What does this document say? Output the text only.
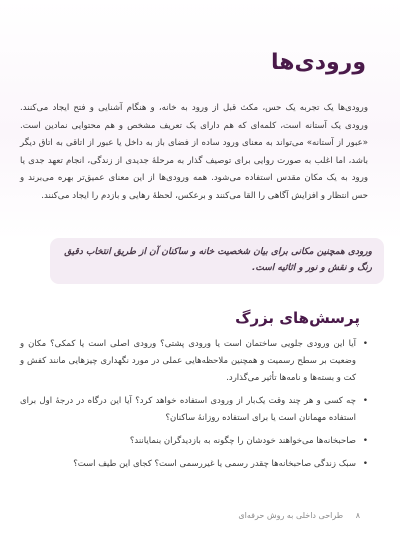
ورودی‌ها

ورودی‌ها یک تجربه یک حس، مکث قبل از ورود به خانه، و هنگام آشنایی و فتح ایجاد می‌کنند. ورودی یک آستانه است، کلمه‌ای که هم دارای یک تعریف مشخص و هم محتوایی نمادین است. «عبور از آستانه» می‌تواند به معنای ورود ساده از فضای باز به داخل یا عبور از اتاقی به اتاق دیگر باشد، اما اغلب به صورت روایی برای توصیف گذار به مرحلهٔ جدیدی از زندگی، انجام تعهد جدی یا ورود به یک مکان مقدس استفاده می‌شود. همه ورودی‌ها از این معنای عمیق‌تر بهره می‌برند و حس انتظار و افزایش آگاهی را القا می‌کنند و برعکس، لحظهٔ رهایی و بازدم را ایجاد می‌کنند.

ورودی همچنین مکانی برای بیان شخصیت خانه و ساکنان آن از طریق انتخاب دقیق رنگ و نقش و نور و اثاثیه است.
پرسش‌های بزرگ
•
آیا این ورودی جلویی ساختمان است یا ورودی پشتی؟ ورودی اصلی است یا کمکی؟ مکان و وضعیت بر سطح رسمیت و همچنین ملاحظه‌هایی عملی در مورد نگهداری چیزهایی مانند کفش و کت و بسته‌ها و نامه‌ها تأثیر می‌گذارد.
•
چه کسی و هر چند وقت یک‌بار از ورودی استفاده خواهد کرد؟ آیا این درگاه در درجهٔ اول برای استفاده مهمانان است یا برای استفاده روزانهٔ ساکنان؟
•
صاحبخانه‌ها می‌خواهند خودشان را چگونه به بازدیدگران بنمایانند؟
•
سبک زندگی صاحبخانه‌ها چقدر رسمی یا غیررسمی است؟ کجای این طیف است؟
۸ طراحی داخلی به روش حرفه‌ای
